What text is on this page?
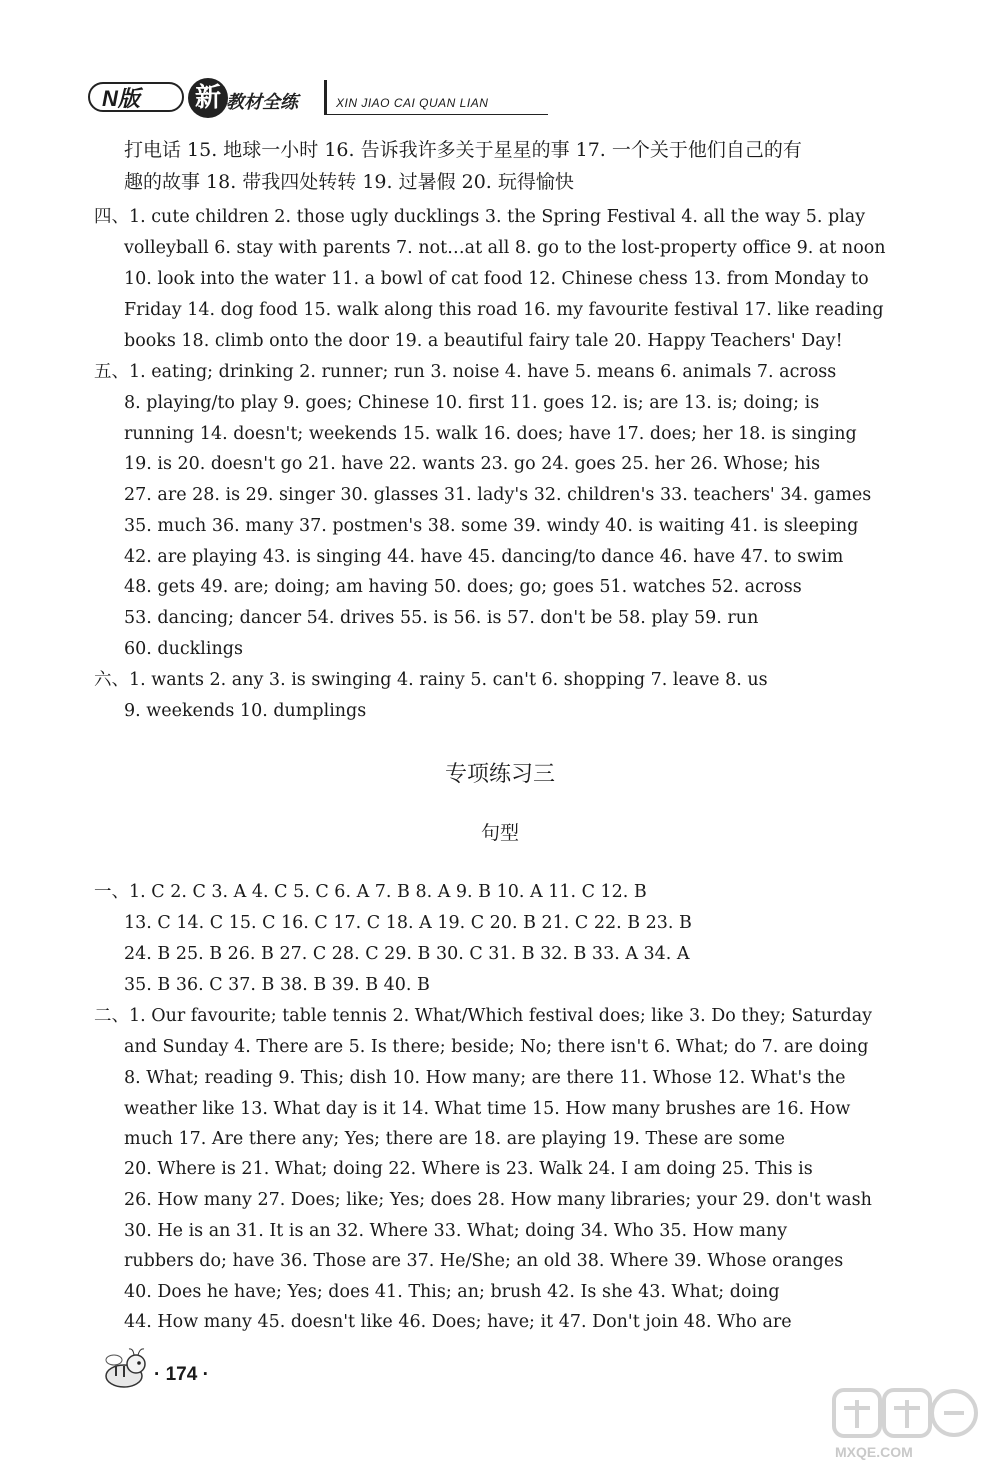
N版	新 教材全练	XIN JIAO CAI QUAN LIAN
打电话 15. 地球一小时 16. 告诉我许多关于星星的事 17. 一个关于他们自己的有
趣的故事 18. 带我四处转转 19. 过暑假 20. 玩得愉快
四、1. cute children 2. those ugly ducklings 3. the Spring Festival 4. all the way 5. play
volleyball 6. stay with parents 7. not…at all 8. go to the lost-property office 9. at noon
10. look into the water 11. a bowl of cat food 12. Chinese chess 13. from Monday to
Friday 14. dog food 15. walk along this road 16. my favourite festival 17. like reading
books 18. climb onto the door 19. a beautiful fairy tale 20. Happy Teachers' Day!
五、1. eating; drinking 2. runner; run 3. noise 4. have 5. means 6. animals 7. across
8. playing/to play 9. goes; Chinese 10. first 11. goes 12. is; are 13. is; doing; is
running 14. doesn't; weekends 15. walk 16. does; have 17. does; her 18. is singing
19. is 20. doesn't go 21. have 22. wants 23. go 24. goes 25. her 26. Whose; his
27. are 28. is 29. singer 30. glasses 31. lady's 32. children's 33. teachers' 34. games
35. much 36. many 37. postmen's 38. some 39. windy 40. is waiting 41. is sleeping
42. are playing 43. is singing 44. have 45. dancing/to dance 46. have 47. to swim
48. gets 49. are; doing; am having 50. does; go; goes 51. watches 52. across
53. dancing; dancer 54. drives 55. is 56. is 57. don't be 58. play 59. run
60. ducklings
六、1. wants 2. any 3. is swinging 4. rainy 5. can't 6. shopping 7. leave 8. us
9. weekends 10. dumplings
一、1. C 2. C 3. A 4. C 5. C 6. A 7. B 8. A 9. B 10. A 11. C 12. B
13. C 14. C 15. C 16. C 17. C 18. A 19. C 20. B 21. C 22. B 23. B
24. B 25. B 26. B 27. C 28. C 29. B 30. C 31. B 32. B 33. A 34. A
35. B 36. C 37. B 38. B 39. B 40. B
二、1. Our favourite; table tennis 2. What/Which festival does; like 3. Do they; Saturday
and Sunday 4. There are 5. Is there; beside; No; there isn't 6. What; do 7. are doing
8. What; reading 9. This; dish 10. How many; are there 11. Whose 12. What's the
weather like 13. What day is it 14. What time 15. How many brushes are 16. How
much 17. Are there any; Yes; there are 18. are playing 19. These are some
20. Where is 21. What; doing 22. Where is 23. Walk 24. I am doing 25. This is
26. How many 27. Does; like; Yes; does 28. How many libraries; your 29. don't wash
30. He is an 31. It is an 32. Where 33. What; doing 34. Who 35. How many
rubbers do; have 36. Those are 37. He/She; an old 38. Where 39. Whose oranges
40. Does he have; Yes; does 41. This; an; brush 42. Is she 43. What; doing
44. How many 45. doesn't like 46. Does; have; it 47. Don't join 48. Who are
专项练习三
句型
· 174 ·
MXQE.COM
